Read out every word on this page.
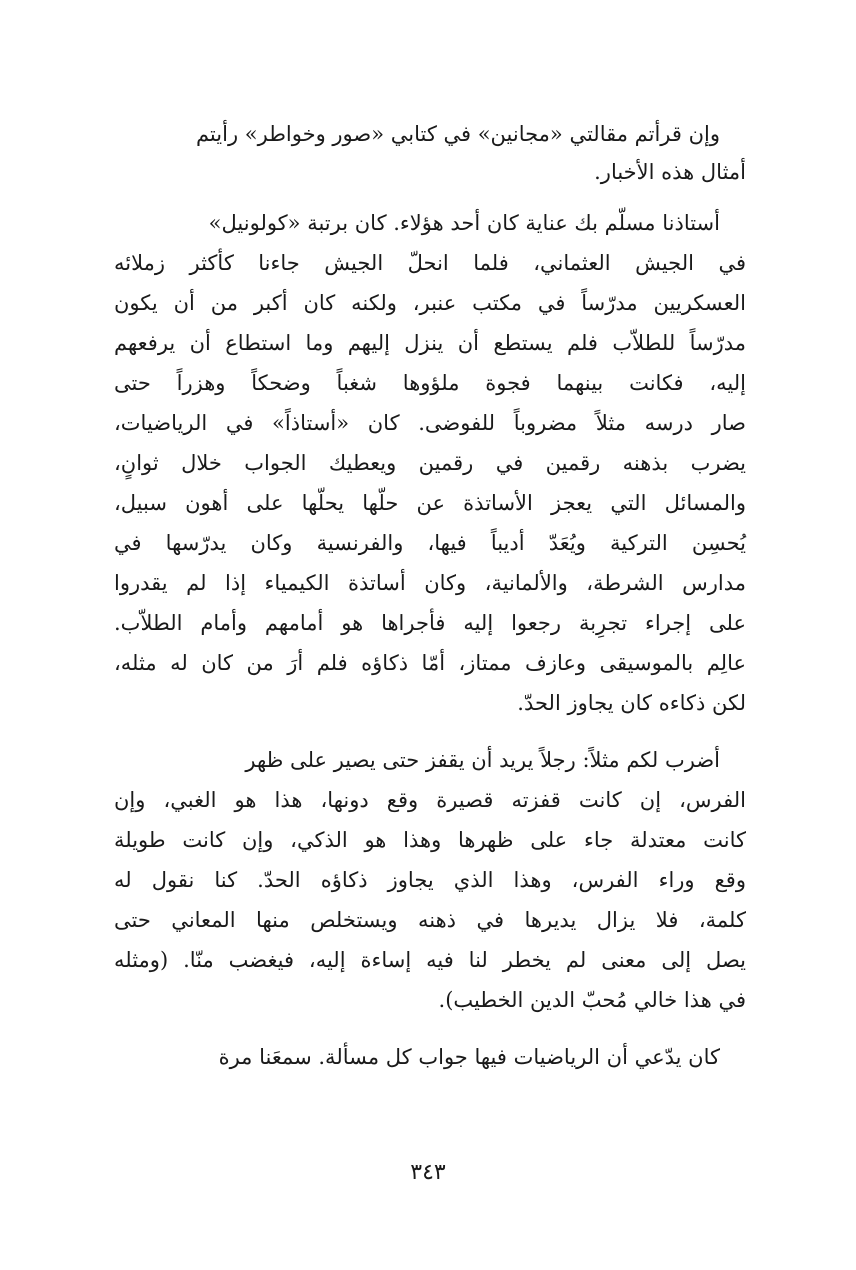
وإن قرأتم مقالتي «مجانين» في كتابي «صور وخواطر» رأيتم
أمثال هذه الأخبار.
أستاذنا مسلّم بك عناية كان أحد هؤلاء. كان برتبة «كولونيل»
في الجيش العثماني، فلما انحلّ الجيش جاءنا كأكثر زملائه
العسكريين مدرّساً في مكتب عنبر، ولكنه كان أكبر من أن يكون
مدرّساً للطلاّب فلم يستطع أن ينزل إليهم وما استطاع أن يرفعهم
إليه، فكانت بينهما فجوة ملؤوها شغباً وضحكاً وهزراً حتى
صار درسه مثلاً مضروباً للفوضى. كان «أستاذاً» في الرياضيات،
يضرب بذهنه رقمين في رقمين ويعطيك الجواب خلال ثوانٍ،
والمسائل التي يعجز الأساتذة عن حلّها يحلّها على أهون سبيل،
يُحسِن التركية ويُعَدّ أديباً فيها، والفرنسية وكان يدرّسها في
مدارس الشرطة، والألمانية، وكان أساتذة الكيمياء إذا لم يقدروا
على إجراء تجرِبة رجعوا إليه فأجراها هو أمامهم وأمام الطلاّب.
عالِم بالموسيقى وعازف ممتاز، أمّا ذكاؤه فلم أرَ من كان له مثله،
لكن ذكاءه كان يجاوز الحدّ.
أضرب لكم مثلاً: رجلاً يريد أن يقفز حتى يصير على ظهر
الفرس، إن كانت قفزته قصيرة وقع دونها، هذا هو الغبي، وإن
كانت معتدلة جاء على ظهرها وهذا هو الذكي، وإن كانت طويلة
وقع وراء الفرس، وهذا الذي يجاوز ذكاؤه الحدّ. كنا نقول له
كلمة، فلا يزال يديرها في ذهنه ويستخلص منها المعاني حتى
يصل إلى معنى لم يخطر لنا فيه إساءة إليه، فيغضب منّا. (ومثله
في هذا خالي مُحبّ الدين الخطيب).
كان يدّعي أن الرياضيات فيها جواب كل مسألة. سمعَنا مرة
٣٤٣
